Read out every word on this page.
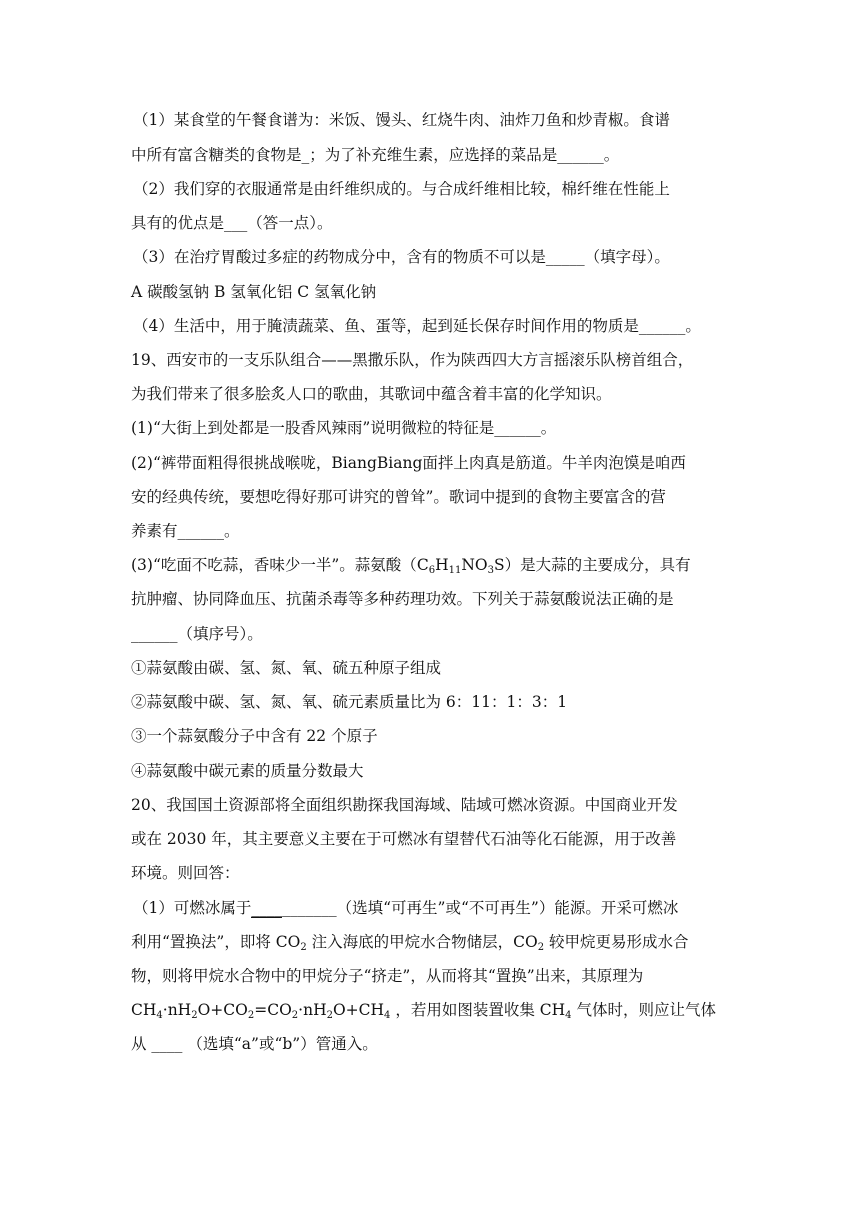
（1）某食堂的午餐食谱为：米饭、馒头、红烧牛肉、油炸刀鱼和炒青椒。食谱
中所有富含糖类的食物是_；为了补充维生素，应选择的菜品是______。
（2）我们穿的衣服通常是由纤维织成的。与合成纤维相比较，棉纤维在性能上
具有的优点是___（答一点）。
（3）在治疗胃酸过多症的药物成分中，含有的物质不可以是_____（填字母）。
A 碳酸氢钠 B 氢氧化铝 C 氢氧化钠
（4）生活中，用于腌渍蔬菜、鱼、蛋等，起到延长保存时间作用的物质是______。
19、西安市的一支乐队组合——黑撒乐队，作为陕西四大方言摇滚乐队榜首组合，
为我们带来了很多脍炙人口的歌曲，其歌词中蕴含着丰富的化学知识。
(1)“大街上到处都是一股香风辣雨”说明微粒的特征是______。
(2)“裤带面粗得很挑战喉咙，BiangBiang面拌上肉真是筋道。牛羊肉泡馍是咱西
安的经典传统，要想吃得好那可讲究的曾耸”。歌词中提到的食物主要富含的营
养素有______。
(3)“吃面不吃蒜，香味少一半”。蒜氨酸$(C_6H_{11}NO_3S)$是大蒜的主要成分，具有
抗肿瘤、协同降血压、抗菌杀毒等多种药理功效。下列关于蒜氨酸说法正确的是
______（填序号）。
①蒜氨酸由碳、氢、氮、氧、硫五种原子组成
②蒜氨酸中碳、氢、氮、氧、硫元素质量比为 6：11：1：3：1
③一个蒜氨酸分子中含有 22 个原子
④蒜氨酸中碳元素的质量分数最大
20、我国国土资源部将全面组织勘探我国海域、陆域可燃冰资源。中国商业开发
或在 2030 年，其主要意义主要在于可燃冰有望替代石油等化石能源，用于改善
环境。则回答：
（1）可燃冰属于___________（选填“可再生”或“不可再生”）能源。开采可燃冰
利用“置换法”，即将 $CO_2$ 注入海底的甲烷水合物储层，$CO_2$ 较甲烷更易形成水合
物，则将甲烷水合物中的甲烷分子“挤走”，从而将其“置换”出来，其原理为
$CH_4\cdot nH_2O+CO_2=CO_2\cdot nH_2O+CH_4$ ，若用如图装置收集 $CH_4$ 气体时，则应让气体
从 ____ （选填“a”或“b”）管通入。
